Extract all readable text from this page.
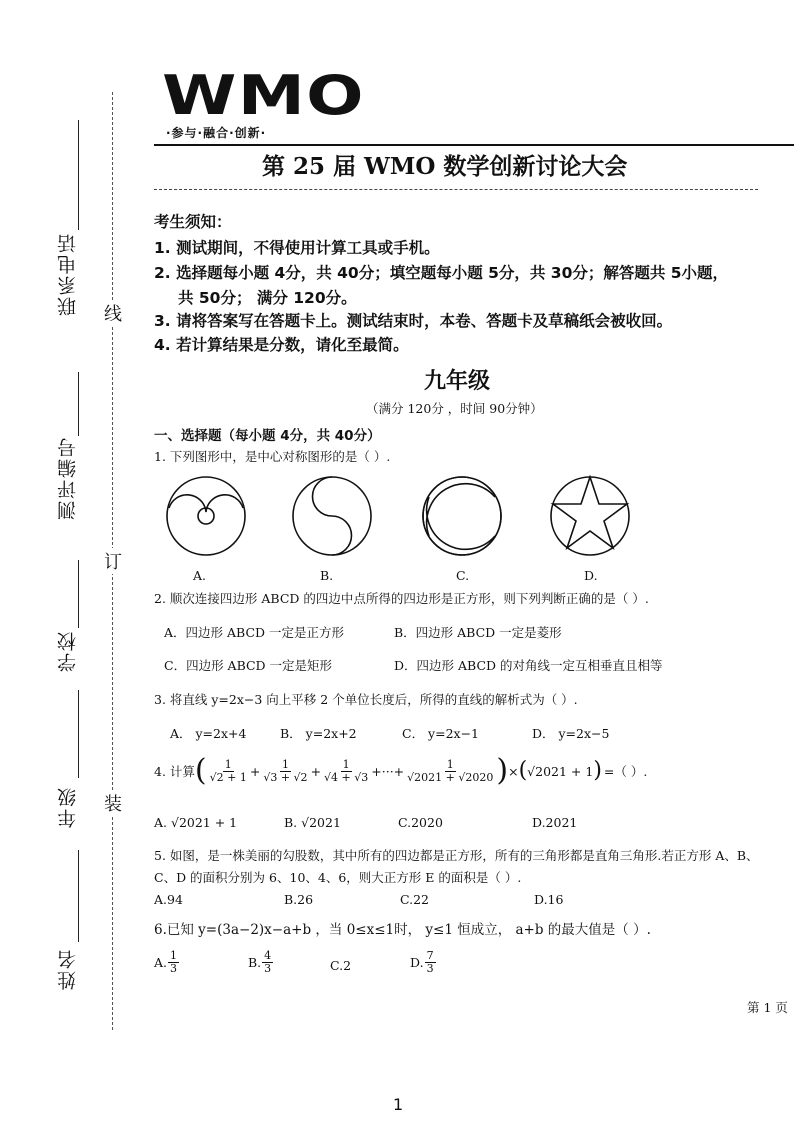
联系电话
测评编号
学校
年级
姓名
线
订
装
WMO
·参与·融合·创新·
第 25 届 WMO 数学创新讨论大会
考生须知：
1. 测试期间，不得使用计算工具或手机。
2. 选择题每小题 4分，共 40分；填空题每小题 5分，共 30分；解答题共 5小题，
共 50分； 满分 120分。
3. 请将答案写在答题卡上。测试结束时，本卷、答题卡及草稿纸会被收回。
4. 若计算结果是分数，请化至最简。
九年级
（满分 120分 ，时间 90分钟）
一、选择题（每小题 4分，共 40分）
1. 下列图形中，是中心对称图形的是（ ）.
A.	B.	C.	D.
2. 顺次连接四边形 ABCD 的四边中点所得的四边形是正方形，则下列判断正确的是（ ）.
A．四边形 ABCD 一定是正方形	B．四边形 ABCD 一定是菱形
C．四边形 ABCD 一定是矩形	D．四边形 ABCD 的对角线一定互相垂直且相等
3. 将直线 y=2x−3 向上平移 2 个单位长度后，所得的直线的解析式为（ ）.
A． y=2x+4	B． y=2x+2	C． y=2x−1	D． y=2x−5
4. 计算 ( $\frac{1}{√2 + 1} + \frac{1}{√3 + √2} + \frac{1}{√4 + √3}$ +···+ $\frac{1}{√2021 + √2020}$ ) × ( √2021 + 1 ) =（ ）.
A. √2021 + 1	B. √2021	C.2020	D.2021
5. 如图，是一株美丽的勾股数，其中所有的四边都是正方形，所有的三角形都是直角三角形.若正方形 A、B、
C、D 的面积分别为 6、10、4、6，则大正方形 E 的面积是（ ）.
A.94	B.26	C.22	D.16
6.已知 y=(3a−2)x−a+b ，当 0≤x≤1时， y≤1 恒成立， a+b 的最大值是（ ）.
A. $\frac{1}{3}$	B. $\frac{4}{3}$	C.2	D. $\frac{7}{3}$
第 1 页
1
